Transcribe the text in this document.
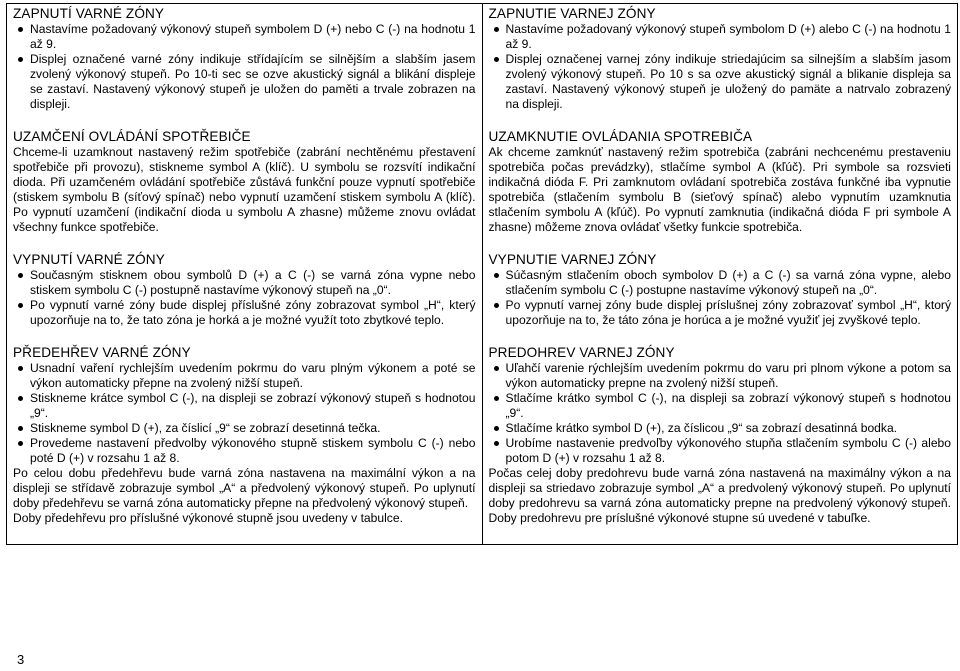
ZAPNUTÍ VARNÉ ZÓNY
Nastavíme požadovaný výkonový stupeň symbolem D (+) nebo C (-) na hodnotu 1 až 9.
Displej označené varné zóny indikuje střídajícím se silnějším a slabším jasem zvolený výkonový stupeň. Po 10-ti sec se ozve akustický signál a blikání displeje se zastaví. Nastavený výkonový stupeň je uložen do paměti a trvale zobrazen na displeji.
UZAMČENÍ OVLÁDÁNÍ SPOTŘEBIČE

Chceme-li uzamknout nastavený režim spotřebiče (zabrání nechtěnému přestavení spotřebiče při provozu), stiskneme symbol A (klíč). U symbolu se rozsvítí indikační dioda. Při uzamčeném ovládání spotřebiče zůstává funkční pouze vypnutí spotřebiče (stiskem symbolu B (síťový spínač) nebo vypnutí uzamčení stiskem symbolu A (klíč). Po vypnutí uzamčení (indikační dioda u symbolu A zhasne) můžeme znovu ovládat všechny funkce spotřebiče.

VYPNUTÍ VARNÉ ZÓNY
Současným stisknem obou symbolů D (+) a C (-) se varná zóna vypne nebo stiskem symbolu C (-) postupně nastavíme výkonový stupeň na „0“.
Po vypnutí varné zóny bude displej příslušné zóny zobrazovat symbol „H“, který upozorňuje na to, že tato zóna je horká a je možné využít toto zbytkové teplo.
PŘEDEHŘEV VARNÉ ZÓNY
Usnadní vaření rychlejším uvedením pokrmu do varu plným výkonem a poté se výkon automaticky přepne na zvolený nižší stupeň.
Stiskneme krátce symbol C (-), na displeji se zobrazí výkonový stupeň s hodnotou „9“.
Stiskneme symbol D (+), za číslicí „9“ se zobrazí desetinná tečka.
Provedeme nastavení předvolby výkonového stupně stiskem symbolu C (-) nebo poté D (+) v rozsahu 1 až 8.

Po celou dobu předehřevu bude varná zóna nastavena na maximální výkon a na displeji se střídavě zobrazuje symbol „A“ a předvolený výkonový stupeň. Po uplynutí doby předehřevu se varná zóna automaticky přepne na předvolený výkonový stupeň.

Doby předehřevu pro příslušné výkonové stupně jsou uvedeny v tabulce.

ZAPNUTIE VARNEJ ZÓNY
Nastavíme požadovaný výkonový stupeň symbolom D (+) alebo C (-) na hodnotu 1 až 9.
Displej označenej varnej zóny indikuje striedajúcim sa silnejším a slabším jasom zvolený výkonový stupeň. Po 10 s sa ozve akustický signál a blikanie displeja sa zastaví. Nastavený výkonový stupeň je uložený do pamäte a natrvalo zobrazený na displeji.
UZAMKNUTIE OVLÁDANIA SPOTREBIČA

Ak chceme zamknúť nastavený režim spotrebiča (zabráni nechcenému prestaveniu spotrebiča počas prevádzky), stlačíme symbol A (kľúč). Pri symbole sa rozsvieti indikačná dióda F. Pri zamknutom ovládaní spotrebiča zostáva funkčné iba vypnutie spotrebiča (stlačením symbolu B (sieťový spínač) alebo vypnutím uzamknutia stlačením symbolu A (kľúč). Po vypnutí zamknutia (indikačná dióda F pri symbole A zhasne) môžeme znova ovládať všetky funkcie spotrebiča.

VYPNUTIE VARNEJ ZÓNY
Súčasným stlačením oboch symbolov D (+) a C (-) sa varná zóna vypne, alebo stlačením symbolu C (-) postupne nastavíme výkonový stupeň na „0“.
Po vypnutí varnej zóny bude displej príslušnej zóny zobrazovať symbol „H“, ktorý upozorňuje na to, že táto zóna je horúca a je možné využiť jej zvyškové teplo.
PREDOHREV VARNEJ ZÓNY
Uľahčí varenie rýchlejším uvedením pokrmu do varu pri plnom výkone a potom sa výkon automaticky prepne na zvolený nižší stupeň.
Stlačíme krátko symbol C (-), na displeji sa zobrazí výkonový stupeň s hodnotou „9“.
Stlačíme krátko symbol D (+), za číslicou „9“ sa zobrazí desatinná bodka.
Urobíme nastavenie predvoľby výkonového stupňa stlačením symbolu C (-) alebo potom D (+) v rozsahu 1 až 8.

Počas celej doby predohrevu bude varná zóna nastavená na maximálny výkon a na displeji sa striedavo zobrazuje symbol „A“ a predvolený výkonový stupeň. Po uplynutí doby predohrevu sa varná zóna automaticky prepne na predvolený výkonový stupeň. Doby predohrevu pre príslušné výkonové stupne sú uvedené v tabuľke.

3
